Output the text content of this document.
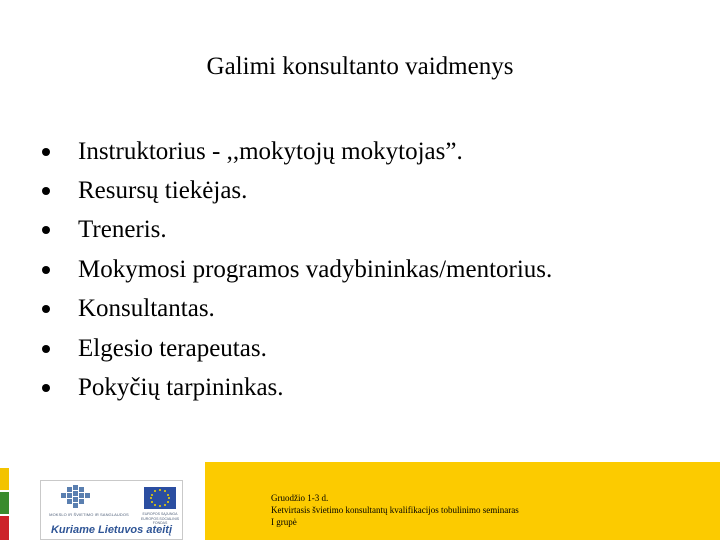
Galimi konsultanto vaidmenys
Instruktorius - ,,mokytojų mokytojas”.
Resursų tiekėjas.
Treneris.
Mokymosi programos vadybininkas/mentorius.
Konsultantas.
Elgesio terapeutas.
Pokyčių tarpininkas.
MOKSLO IR ŠVIETIMO IR SANGLAUDOS	EUROPOS SĄJUNGA EUROPOS SOCIALINIS FONDAS
Kuriame Lietuvos ateitį
Gruodžio 1-3 d.
Ketvirtasis švietimo konsultantų kvalifikacijos tobulinimo seminaras
I grupė
